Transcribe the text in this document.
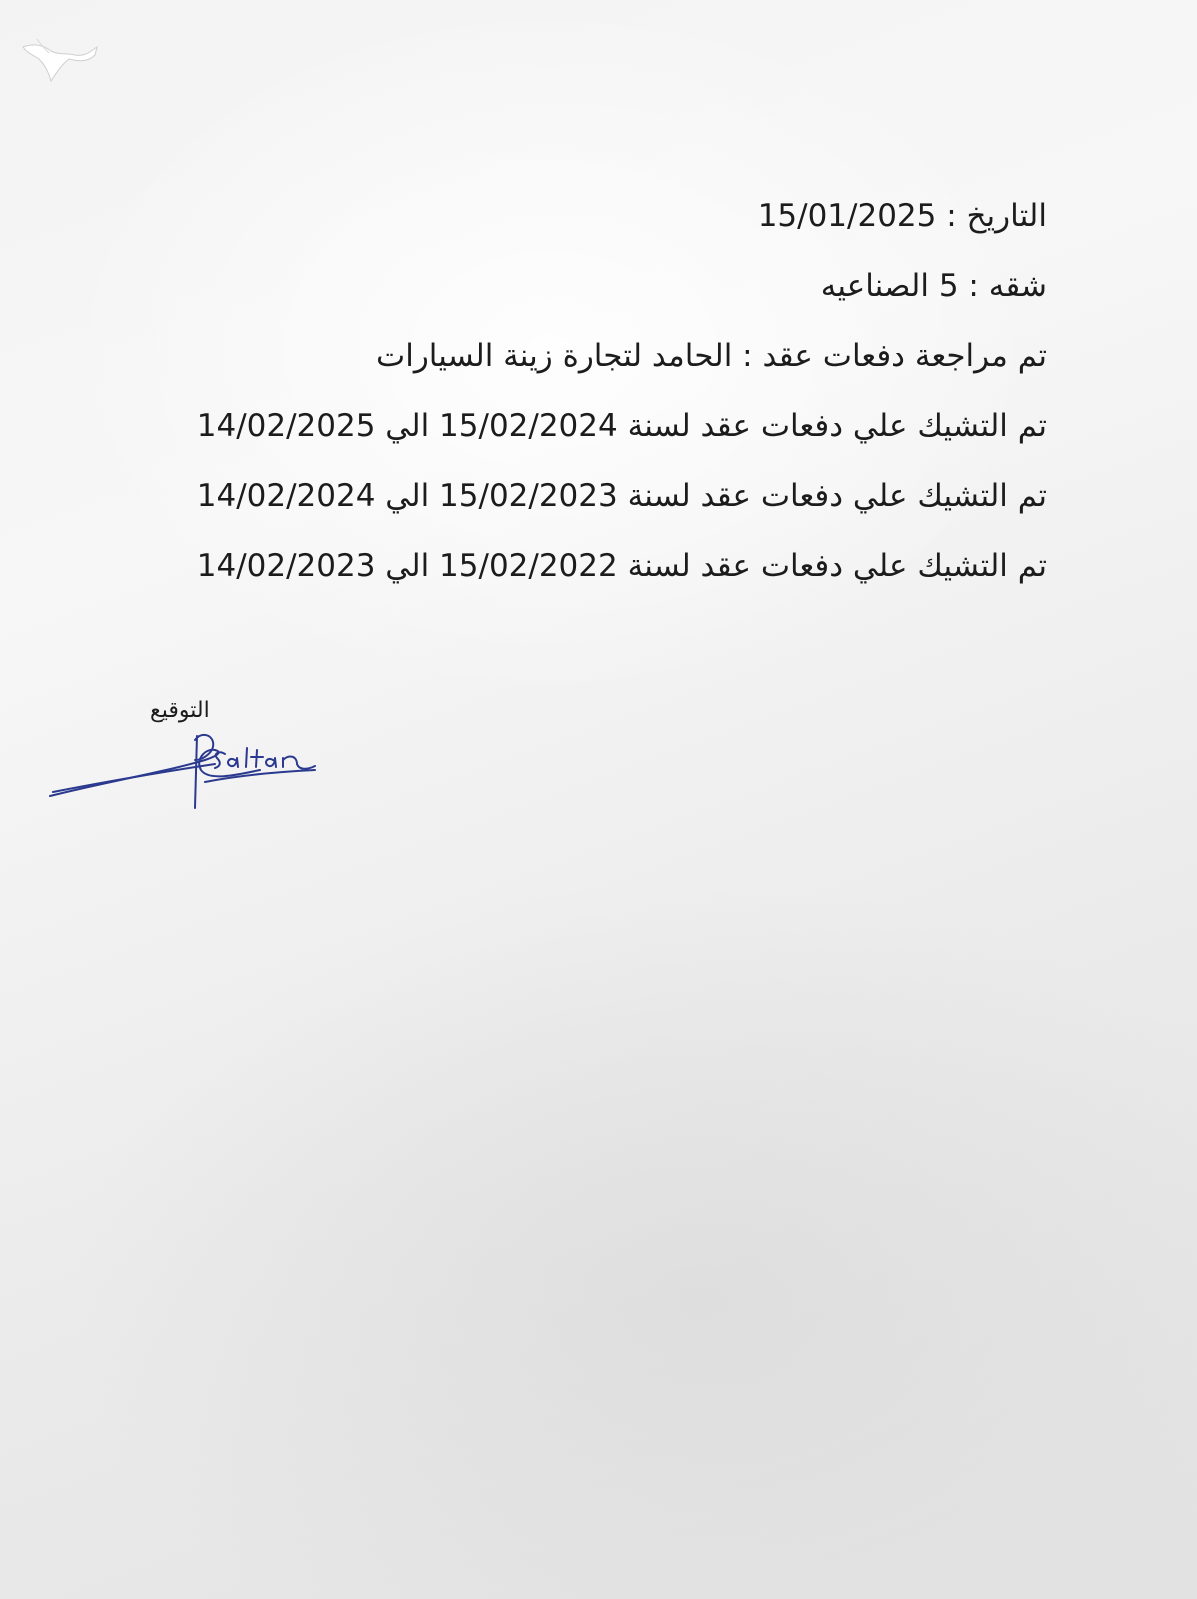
التاريخ : 15/01/2025
شقه : 5 الصناعيه
تم مراجعة دفعات عقد : الحامد لتجارة زينة السيارات
تم التشيك علي دفعات عقد لسنة 15/02/2024 الي 14/02/2025
تم التشيك علي دفعات عقد لسنة 15/02/2023 الي 14/02/2024
تم التشيك علي دفعات عقد لسنة 15/02/2022 الي 14/02/2023
التوقيع
